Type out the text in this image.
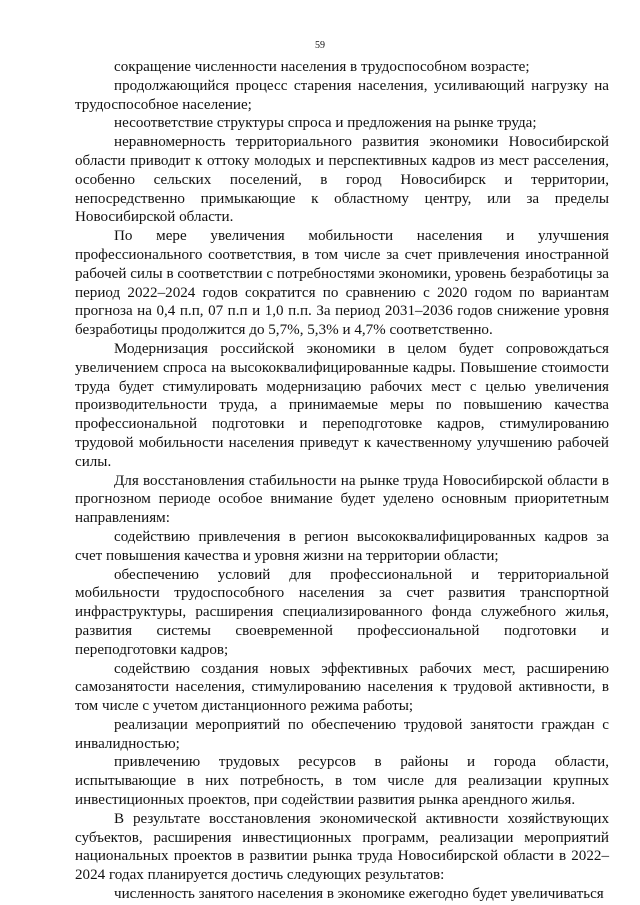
59

сокращение численности населения в трудоспособном возрасте;

продолжающийся процесс старения населения, усиливающий нагрузку на трудоспособное население;

несоответствие структуры спроса и предложения на рынке труда;

неравномерность территориального развития экономики Новосибирской области приводит к оттоку молодых и перспективных кадров из мест расселения, особенно сельских поселений, в город Новосибирск и территории, непосредственно примыкающие к областному центру, или за пределы Новосибирской области.

По мере увеличения мобильности населения и улучшения профессионального соответствия, в том числе за счет привлечения иностранной рабочей силы в соответствии с потребностями экономики, уровень безработицы за период 2022–2024 годов сократится по сравнению с 2020 годом по вариантам прогноза на 0,4 п.п, 07 п.п и 1,0 п.п. За период 2031–2036 годов снижение уровня безработицы продолжится до 5,7%, 5,3% и 4,7% соответственно.

Модернизация российской экономики в целом будет сопровождаться увеличением спроса на высококвалифицированные кадры. Повышение стоимости труда будет стимулировать модернизацию рабочих мест с целью увеличения производительности труда, а принимаемые меры по повышению качества профессиональной подготовки и переподготовке кадров, стимулированию трудовой мобильности населения приведут к качественному улучшению рабочей силы.

Для восстановления стабильности на рынке труда Новосибирской области в прогнозном периоде особое внимание будет уделено основным приоритетным направлениям:

содействию привлечения в регион высококвалифицированных кадров за счет повышения качества и уровня жизни на территории области;

обеспечению условий для профессиональной и территориальной мобильности трудоспособного населения за счет развития транспортной инфраструктуры, расширения специализированного фонда служебного жилья, развития системы своевременной профессиональной подготовки и переподготовки кадров;

содействию создания новых эффективных рабочих мест, расширению самозанятости населения, стимулированию населения к трудовой активности, в том числе с учетом дистанционного режима работы;

реализации мероприятий по обеспечению трудовой занятости граждан с инвалидностью;

привлечению трудовых ресурсов в районы и города области, испытывающие в них потребность, в том числе для реализации крупных инвестиционных проектов, при содействии развития рынка арендного жилья.

В результате восстановления экономической активности хозяйствующих субъектов, расширения инвестиционных программ, реализации мероприятий национальных проектов в развитии рынка труда Новосибирской области в 2022–2024 годах планируется достичь следующих результатов:

численность занятого населения в экономике ежегодно будет увеличиваться
